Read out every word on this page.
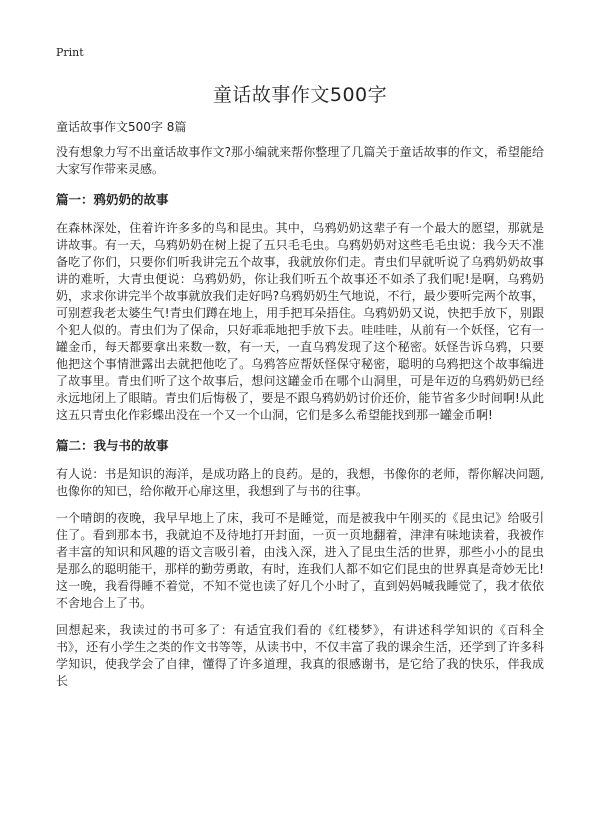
Print
童话故事作文500字
童话故事作文500字 8篇

没有想象力写不出童话故事作文?那小编就来帮你整理了几篇关于童话故事的作文，希望能给大家写作带来灵感。

篇一：鸦奶奶的故事

在森林深处，住着许许多多的鸟和昆虫。其中，乌鸦奶奶这辈子有一个最大的愿望，那就是讲故事。有一天，乌鸦奶奶在树上捉了五只毛毛虫。乌鸦奶奶对这些毛毛虫说：我今天不准备吃了你们，只要你们听我讲完五个故事，我就放你们走。青虫们早就听说了乌鸦奶奶故事讲的难听，大青虫便说：乌鸦奶奶，你让我们听五个故事还不如杀了我们呢!是啊，乌鸦奶奶，求求你讲完半个故事就放我们走好吗?乌鸦奶奶生气地说，不行，最少要听完两个故事，可别惹我老太婆生气!青虫们蹲在地上，用手把耳朵捂住。乌鸦奶奶又说，快把手放下，别跟个犯人似的。青虫们为了保命，只好乖乖地把手放下去。哇哇哇，从前有一个妖怪，它有一罐金币，每天都要拿出来数一数，有一天，一直乌鸦发现了这个秘密。妖怪告诉乌鸦，只要他把这个事情泄露出去就把他吃了。乌鸦答应帮妖怪保守秘密，聪明的乌鸦把这个故事编进了故事里。青虫们听了这个故事后，想问这罐金币在哪个山洞里，可是年迈的乌鸦奶奶已经永远地闭上了眼睛。青虫们后悔极了，要是不跟乌鸦奶奶讨价还价，能节省多少时间啊!从此这五只青虫化作彩蝶出没在一个又一个山洞，它们是多么希望能找到那一罐金币啊!

篇二：我与书的故事

有人说：书是知识的海洋，是成功路上的良药。是的，我想，书像你的老师，帮你解决问题,也像你的知已，给你敞开心扉这里，我想到了与书的往事。

一个晴朗的夜晚，我早早地上了床，我可不是睡觉，而是被我中午刚买的《昆虫记》给吸引住了。看到那本书，我就迫不及待地打开封面，一页一页地翻着，津津有味地读着，我被作者丰富的知识和风趣的语文言吸引着，由浅入深，进入了昆虫生活的世界，那些小小的昆虫是那么的聪明能干，那样的勤劳勇敢，有时，连我们人都不如它们昆虫的世界真是奇妙无比!这一晚，我看得睡不着觉，不知不觉也读了好几个小时了，直到妈妈喊我睡觉了，我才依依不舍地合上了书。

回想起来，我读过的书可多了：有适宜我们看的《红楼梦》，有讲述科学知识的《百科全书》，还有小学生之类的作文书等等，从读书中，不仅丰富了我的课余生活，还学到了许多科学知识，使我学会了自律，懂得了许多道理，我真的很感谢书，是它给了我的快乐，伴我成长
